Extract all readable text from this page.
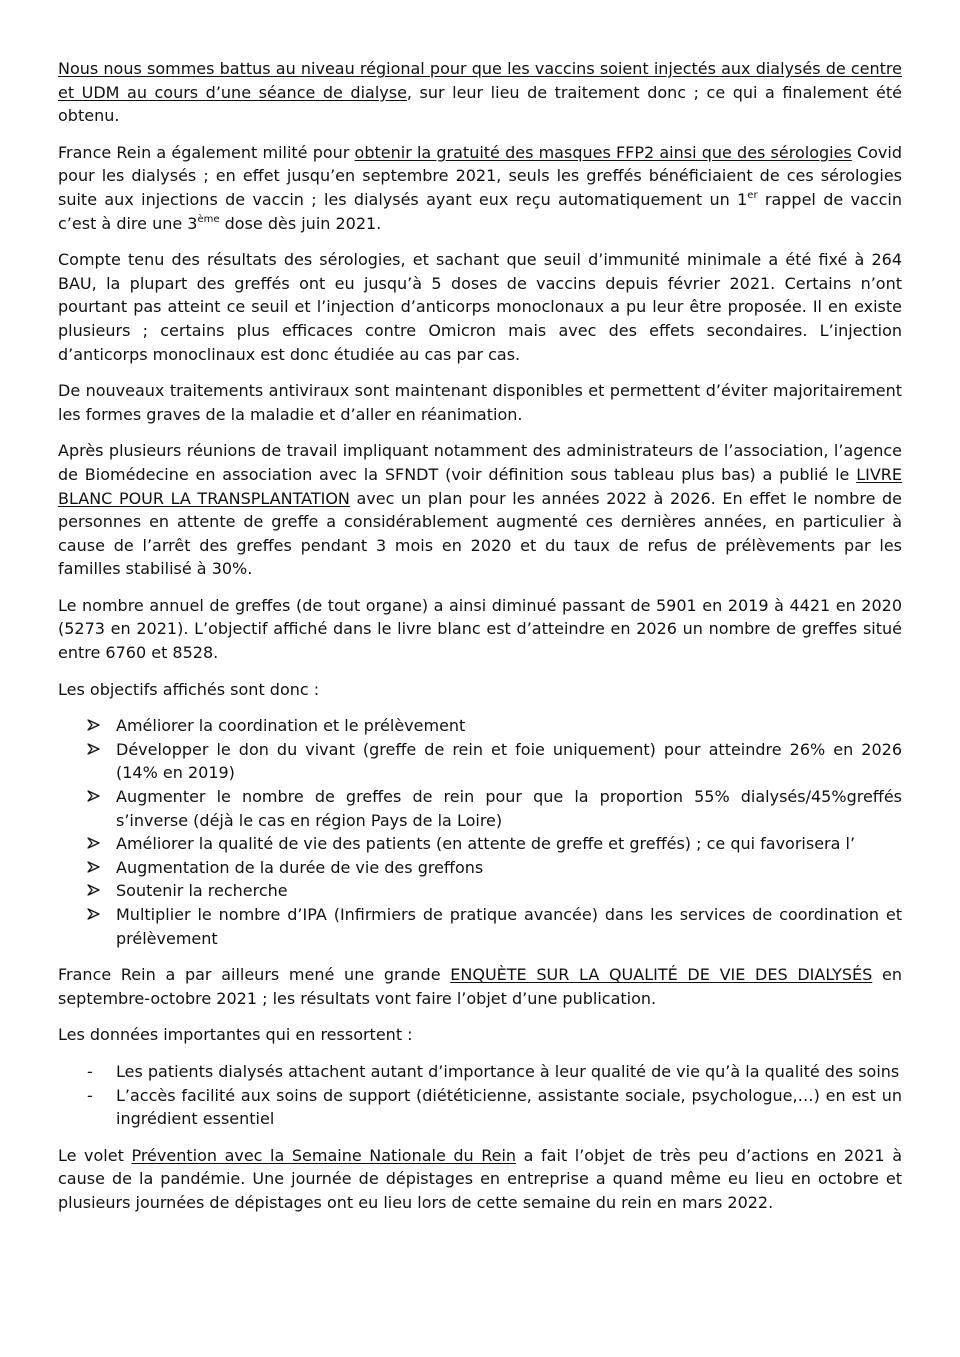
Nous nous sommes battus au niveau régional pour que les vaccins soient injectés aux dialysés de centre et UDM au cours d’une séance de dialyse, sur leur lieu de traitement donc ; ce qui a finalement été obtenu.

France Rein a également milité pour obtenir la gratuité des masques FFP2 ainsi que des sérologies Covid pour les dialysés ; en effet jusqu’en septembre 2021, seuls les greffés bénéficiaient de ces sérologies suite aux injections de vaccin ; les dialysés ayant eux reçu automatiquement un 1er rappel de vaccin c’est à dire une 3ème dose dès juin 2021.

Compte tenu des résultats des sérologies, et sachant que seuil d’immunité minimale a été fixé à 264 BAU, la plupart des greffés ont eu jusqu’à 5 doses de vaccins depuis février 2021. Certains n’ont pourtant pas atteint ce seuil et l’injection d’anticorps monoclonaux a pu leur être proposée. Il en existe plusieurs ; certains plus efficaces contre Omicron mais avec des effets secondaires. L’injection d’anticorps monoclinaux est donc étudiée au cas par cas.

De nouveaux traitements antiviraux sont maintenant disponibles et permettent d’éviter majoritairement les formes graves de la maladie et d’aller en réanimation.

Après plusieurs réunions de travail impliquant notamment des administrateurs de l’association, l’agence de Biomédecine en association avec la SFNDT (voir définition sous tableau plus bas) a publié le LIVRE BLANC POUR LA TRANSPLANTATION avec un plan pour les années 2022 à 2026. En effet le nombre de personnes en attente de greffe a considérablement augmenté ces dernières années, en particulier à cause de l’arrêt des greffes pendant 3 mois en 2020 et du taux de refus de prélèvements par les familles stabilisé à 30%.

Le nombre annuel de greffes (de tout organe) a ainsi diminué passant de 5901 en 2019 à 4421 en 2020 (5273 en 2021). L’objectif affiché dans le livre blanc est d’atteindre en 2026 un nombre de greffes situé entre 6760 et 8528.

Les objectifs affichés sont donc :

Améliorer la coordination et le prélèvement
Développer le don du vivant (greffe de rein et foie uniquement) pour atteindre 26% en 2026 (14% en 2019)
Augmenter le nombre de greffes de rein pour que la proportion 55% dialysés/45%greffés s’inverse (déjà le cas en région Pays de la Loire)
Améliorer la qualité de vie des patients (en attente de greffe et greffés) ; ce qui favorisera l’
Augmentation de la durée de vie des greffons
Soutenir la recherche
Multiplier le nombre d’IPA (Infirmiers de pratique avancée) dans les services de coordination et prélèvement

France Rein a par ailleurs mené une grande ENQUÈTE SUR LA QUALITÉ DE VIE DES DIALYSÉS en septembre-octobre 2021 ; les résultats vont faire l’objet d’une publication.

Les données importantes qui en ressortent :

- Les patients dialysés attachent autant d’importance à leur qualité de vie qu’à la qualité des soins
- L’accès facilité aux soins de support (diététicienne, assistante sociale, psychologue,…) en est un ingrédient essentiel

Le volet Prévention avec la Semaine Nationale du Rein a fait l’objet de très peu d’actions en 2021 à cause de la pandémie. Une journée de dépistages en entreprise a quand même eu lieu en octobre et plusieurs journées de dépistages ont eu lieu lors de cette semaine du rein en mars 2022.
